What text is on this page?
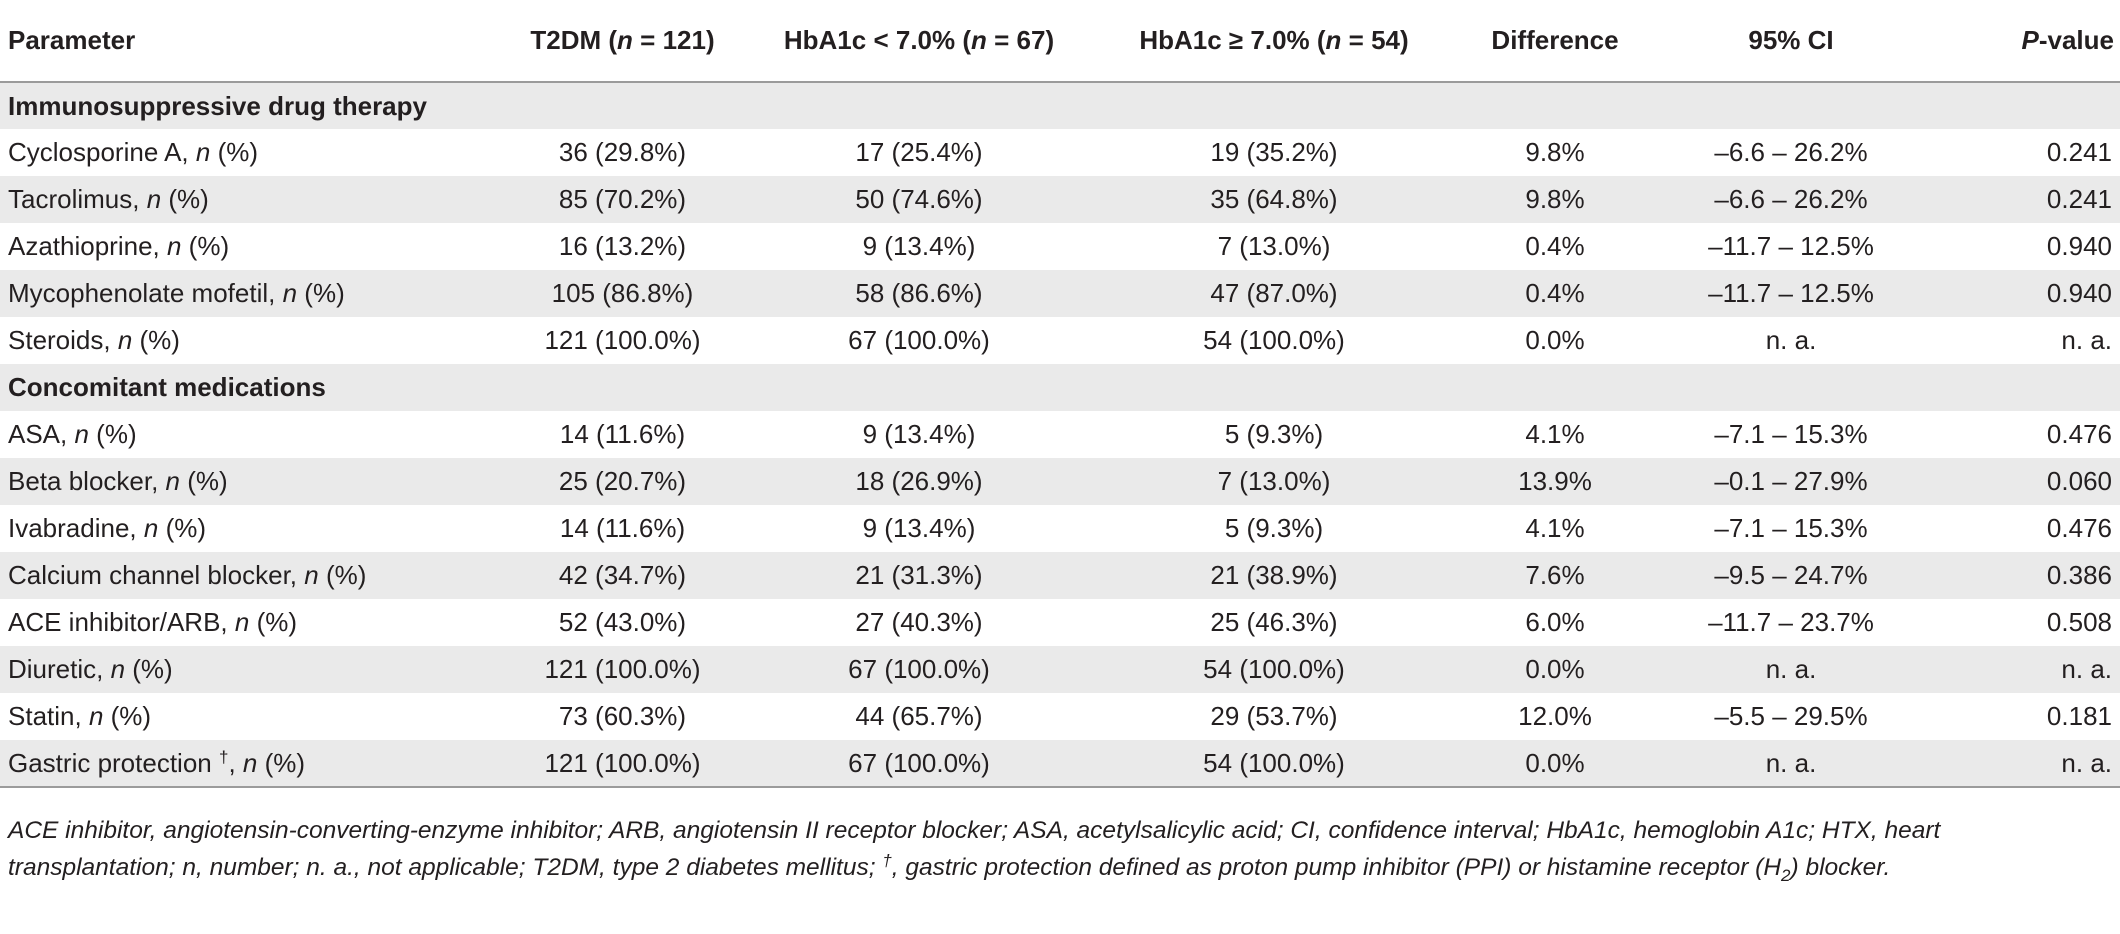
Parameter	T2DM (n = 121)	HbA1c < 7.0% (n = 67)	HbA1c ≥ 7.0% (n = 54)	Difference	95% CI	P-value
Immunosuppressive drug therapy						
Cyclosporine A, n (%)	36 (29.8%)	17 (25.4%)	19 (35.2%)	9.8%	–6.6 – 26.2%	0.241
Tacrolimus, n (%)	85 (70.2%)	50 (74.6%)	35 (64.8%)	9.8%	–6.6 – 26.2%	0.241
Azathioprine, n (%)	16 (13.2%)	9 (13.4%)	7 (13.0%)	0.4%	–11.7 – 12.5%	0.940
Mycophenolate mofetil, n (%)	105 (86.8%)	58 (86.6%)	47 (87.0%)	0.4%	–11.7 – 12.5%	0.940
Steroids, n (%)	121 (100.0%)	67 (100.0%)	54 (100.0%)	0.0%	n. a.	n. a.
Concomitant medications						
ASA, n (%)	14 (11.6%)	9 (13.4%)	5 (9.3%)	4.1%	–7.1 – 15.3%	0.476
Beta blocker, n (%)	25 (20.7%)	18 (26.9%)	7 (13.0%)	13.9%	–0.1 – 27.9%	0.060
Ivabradine, n (%)	14 (11.6%)	9 (13.4%)	5 (9.3%)	4.1%	–7.1 – 15.3%	0.476
Calcium channel blocker, n (%)	42 (34.7%)	21 (31.3%)	21 (38.9%)	7.6%	–9.5 – 24.7%	0.386
ACE inhibitor/ARB, n (%)	52 (43.0%)	27 (40.3%)	25 (46.3%)	6.0%	–11.7 – 23.7%	0.508
Diuretic, n (%)	121 (100.0%)	67 (100.0%)	54 (100.0%)	0.0%	n. a.	n. a.
Statin, n (%)	73 (60.3%)	44 (65.7%)	29 (53.7%)	12.0%	–5.5 – 29.5%	0.181
Gastric protection †, n (%)	121 (100.0%)	67 (100.0%)	54 (100.0%)	0.0%	n. a.	n. a.
ACE inhibitor, angiotensin-converting-enzyme inhibitor; ARB, angiotensin II receptor blocker; ASA, acetylsalicylic acid; CI, confidence interval; HbA1c, hemoglobin A1c; HTX, heart transplantation; n, number; n. a., not applicable; T2DM, type 2 diabetes mellitus; †, gastric protection defined as proton pump inhibitor (PPI) or histamine receptor $(H_2)$ blocker.
